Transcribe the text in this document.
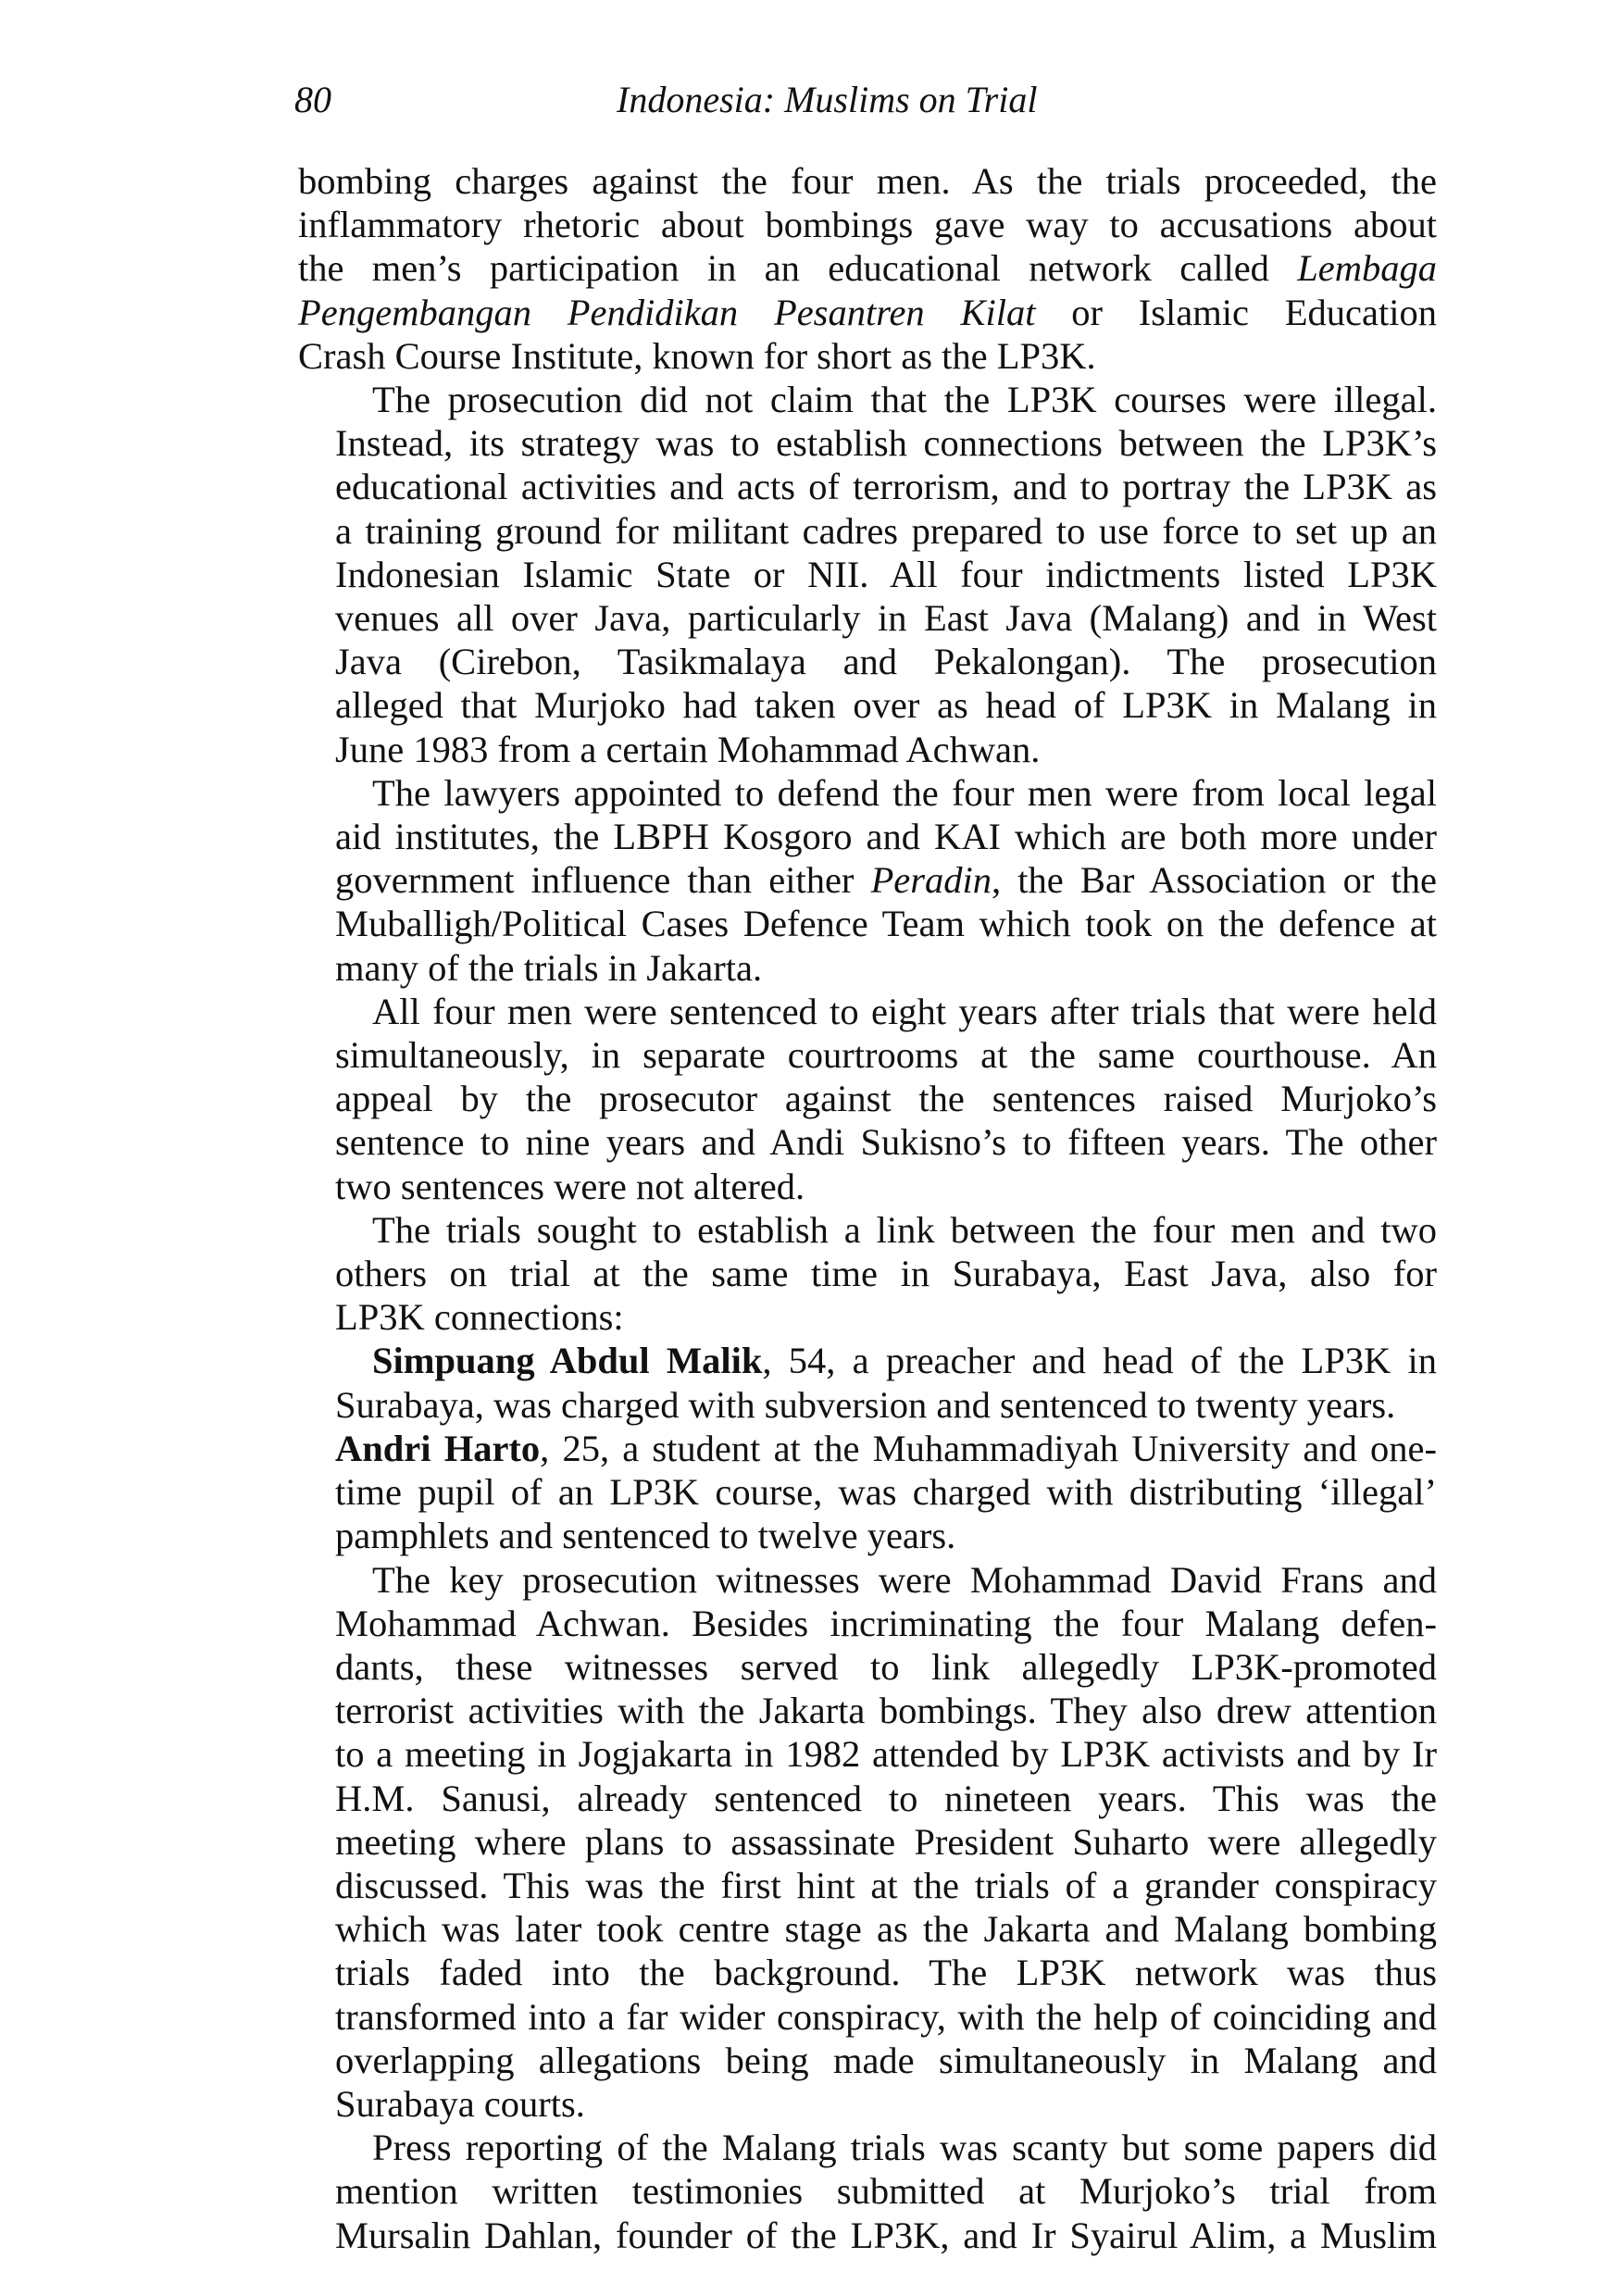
80	Indonesia: Muslims on Trial
bombing charges against the four men. As the trials proceeded, the
inflammatory rhetoric about bombings gave way to accusations about
the men’s participation in an educational network called Lembaga
Pengembangan Pendidikan Pesantren Kilat or Islamic Education
Crash Course Institute, known for short as the LP3K.
The prosecution did not claim that the LP3K courses were illegal.
Instead, its strategy was to establish connections between the LP3K’s
educational activities and acts of terrorism, and to portray the LP3K as
a training ground for militant cadres prepared to use force to set up an
Indonesian Islamic State or NII. All four indictments listed LP3K
venues all over Java, particularly in East Java (Malang) and in West
Java (Cirebon, Tasikmalaya and Pekalongan). The prosecution
alleged that Murjoko had taken over as head of LP3K in Malang in
June 1983 from a certain Mohammad Achwan.
The lawyers appointed to defend the four men were from local legal
aid institutes, the LBPH Kosgoro and KAI which are both more under
government influence than either Peradin, the Bar Association or the
Muballigh/Political Cases Defence Team which took on the defence at
many of the trials in Jakarta.
All four men were sentenced to eight years after trials that were held
simultaneously, in separate courtrooms at the same courthouse. An
appeal by the prosecutor against the sentences raised Murjoko’s
sentence to nine years and Andi Sukisno’s to fifteen years. The other
two sentences were not altered.
The trials sought to establish a link between the four men and two
others on trial at the same time in Surabaya, East Java, also for
LP3K connections:
Simpuang Abdul Malik, 54, a preacher and head of the LP3K in
Surabaya, was charged with subversion and sentenced to twenty years.
Andri Harto, 25, a student at the Muhammadiyah University and one-
time pupil of an LP3K course, was charged with distributing ‘illegal’
pamphlets and sentenced to twelve years.
The key prosecution witnesses were Mohammad David Frans and
Mohammad Achwan. Besides incriminating the four Malang defen-
dants, these witnesses served to link allegedly LP3K-promoted
terrorist activities with the Jakarta bombings. They also drew attention
to a meeting in Jogjakarta in 1982 attended by LP3K activists and by Ir
H.M. Sanusi, already sentenced to nineteen years. This was the
meeting where plans to assassinate President Suharto were allegedly
discussed. This was the first hint at the trials of a grander conspiracy
which was later took centre stage as the Jakarta and Malang bombing
trials faded into the background. The LP3K network was thus
transformed into a far wider conspiracy, with the help of coinciding and
overlapping allegations being made simultaneously in Malang and
Surabaya courts.
Press reporting of the Malang trials was scanty but some papers did
mention written testimonies submitted at Murjoko’s trial from
Mursalin Dahlan, founder of the LP3K, and Ir Syairul Alim, a Muslim
